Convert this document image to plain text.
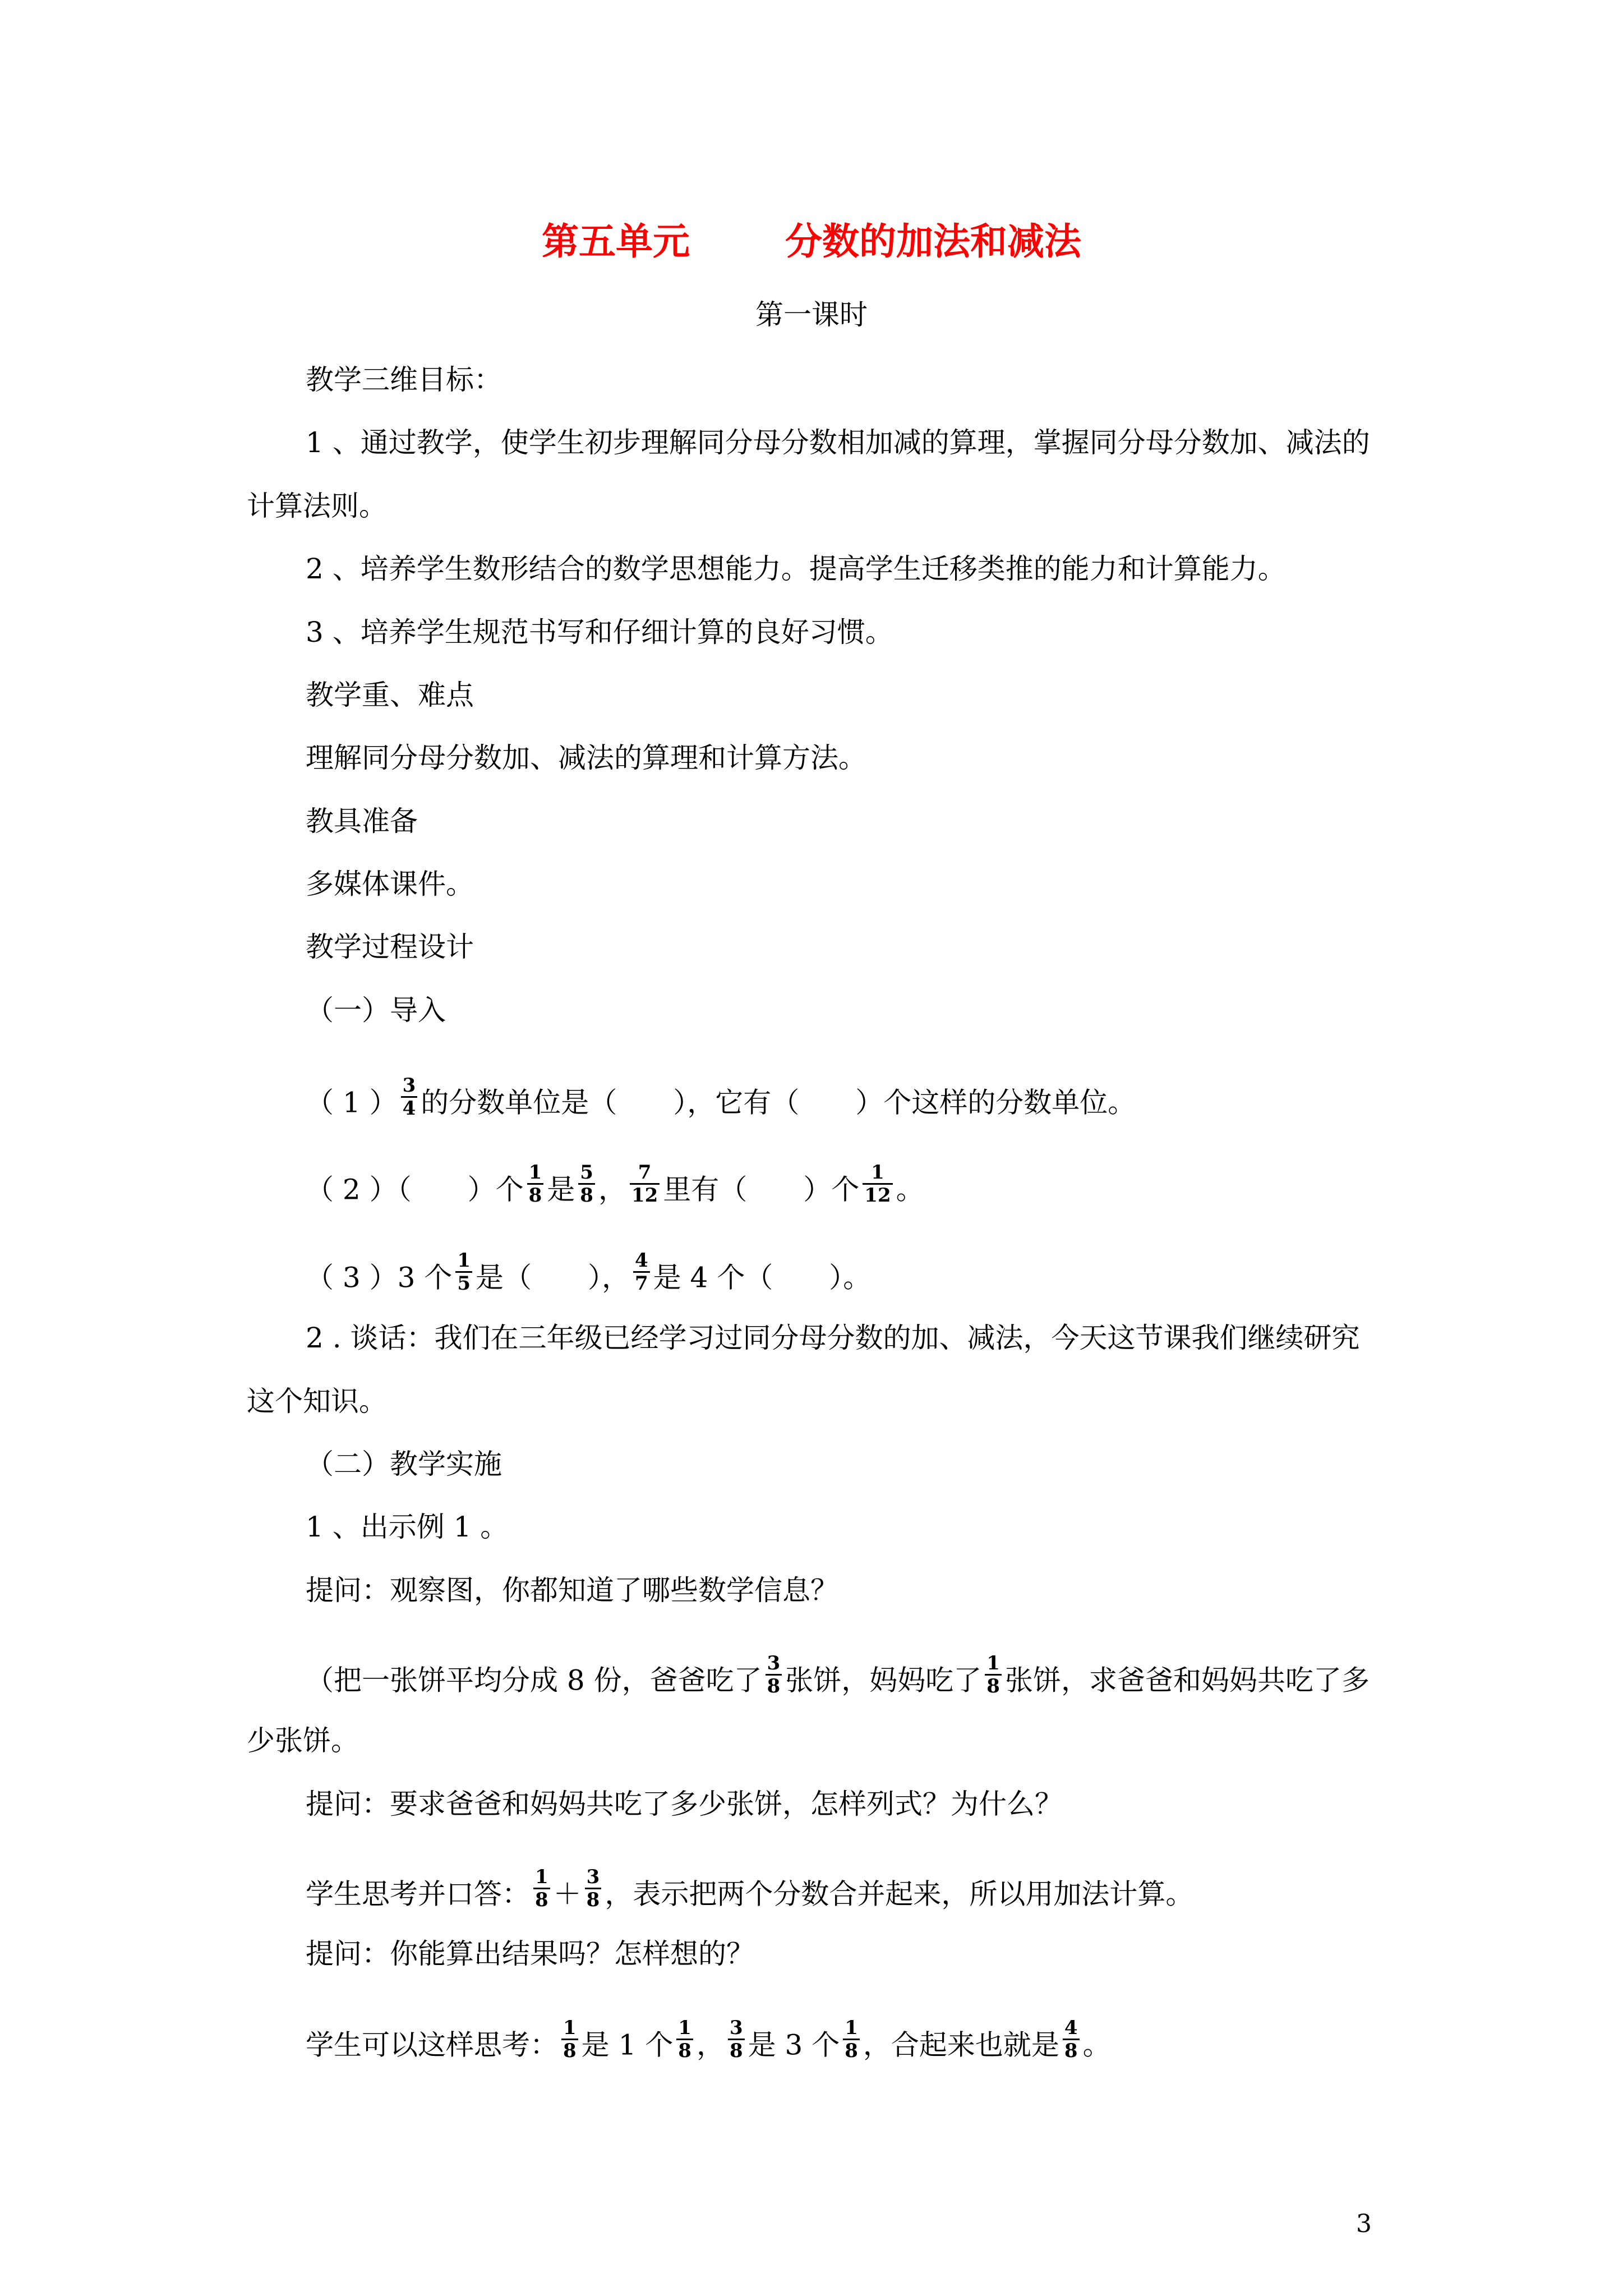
第五单元	分数的加法和减法
第一课时
教学三维目标：
1 、通过教学，使学生初步理解同分母分数相加减的算理，掌握同分母分数加、减法的
计算法则。
2 、培养学生数形结合的数学思想能力。提高学生迁移类推的能力和计算能力。
3 、培养学生规范书写和仔细计算的良好习惯。
教学重、难点
理解同分母分数加、减法的算理和计算方法。
教具准备
多媒体课件。
教学过程设计
（一）导入
（ 1 ） $\frac{3}{4}$ 的分数单位是（　　），它有（　　）个这样的分数单位。
（ 2 ）（　　）个 $\frac{1}{8}$ 是 $\frac{5}{8}$ ， $\frac{7}{12}$ 里有（　　）个 $\frac{1}{12}$ 。
（ 3 ）3 个 $\frac{1}{5}$ 是（　　）， $\frac{4}{7}$ 是 4 个（　　）。
2 . 谈话：我们在三年级已经学习过同分母分数的加、减法，今天这节课我们继续研究
这个知识。
（二）教学实施
1 、出示例 1 。
提问：观察图，你都知道了哪些数学信息？
（把一张饼平均分成 8 份，爸爸吃了 $\frac{3}{8}$ 张饼，妈妈吃了 $\frac{1}{8}$ 张饼，求爸爸和妈妈共吃了多
少张饼。
提问：要求爸爸和妈妈共吃了多少张饼，怎样列式？为什么？
学生思考并口答： $\frac{1}{8} + \frac{3}{8}$ ，表示把两个分数合并起来，所以用加法计算。
提问：你能算出结果吗？怎样想的？
学生可以这样思考： $\frac{1}{8}$ 是 1 个 $\frac{1}{8}$ ， $\frac{3}{8}$ 是 3 个 $\frac{1}{8}$ ，合起来也就是 $\frac{4}{8}$ 。
3
